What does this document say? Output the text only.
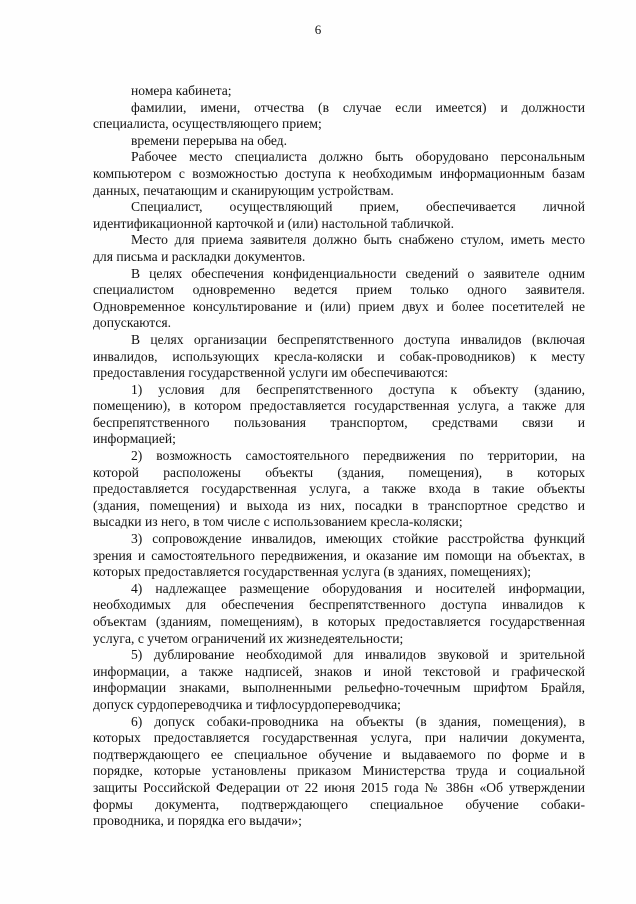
6
номера кабинета;
фамилии, имени, отчества (в случае если имеется) и должности
специалиста, осуществляющего прием;
времени перерыва на обед.
Рабочее место специалиста должно быть оборудовано персональным
компьютером с возможностью доступа к необходимым информационным базам
данных, печатающим и сканирующим устройствам.
Специалист, осуществляющий прием, обеспечивается личной
идентификационной карточкой и (или) настольной табличкой.
Место для приема заявителя должно быть снабжено стулом, иметь место
для письма и раскладки документов.
В целях обеспечения конфиденциальности сведений о заявителе одним
специалистом одновременно ведется прием только одного заявителя.
Одновременное консультирование и (или) прием двух и более посетителей не
допускаются.
В целях организации беспрепятственного доступа инвалидов (включая
инвалидов, использующих кресла-коляски и собак-проводников) к месту
предоставления государственной услуги им обеспечиваются:
1) условия для беспрепятственного доступа к объекту (зданию,
помещению), в котором предоставляется государственная услуга, а также для
беспрепятственного пользования транспортом, средствами связи и
информацией;
2) возможность самостоятельного передвижения по территории, на
которой расположены объекты (здания, помещения), в которых
предоставляется государственная услуга, а также входа в такие объекты
(здания, помещения) и выхода из них, посадки в транспортное средство и
высадки из него, в том числе с использованием кресла-коляски;
3) сопровождение инвалидов, имеющих стойкие расстройства функций
зрения и самостоятельного передвижения, и оказание им помощи на объектах, в
которых предоставляется государственная услуга (в зданиях, помещениях);
4) надлежащее размещение оборудования и носителей информации,
необходимых для обеспечения беспрепятственного доступа инвалидов к
объектам (зданиям, помещениям), в которых предоставляется государственная
услуга, с учетом ограничений их жизнедеятельности;
5) дублирование необходимой для инвалидов звуковой и зрительной
информации, а также надписей, знаков и иной текстовой и графической
информации знаками, выполненными рельефно-точечным шрифтом Брайля,
допуск сурдопереводчика и тифлосурдопереводчика;
6) допуск собаки-проводника на объекты (в здания, помещения), в
которых предоставляется государственная услуга, при наличии документа,
подтверждающего ее специальное обучение и выдаваемого по форме и в
порядке, которые установлены приказом Министерства труда и социальной
защиты Российской Федерации от 22 июня 2015 года № 386н «Об утверждении
формы документа, подтверждающего специальное обучение собаки-
проводника, и порядка его выдачи»;
